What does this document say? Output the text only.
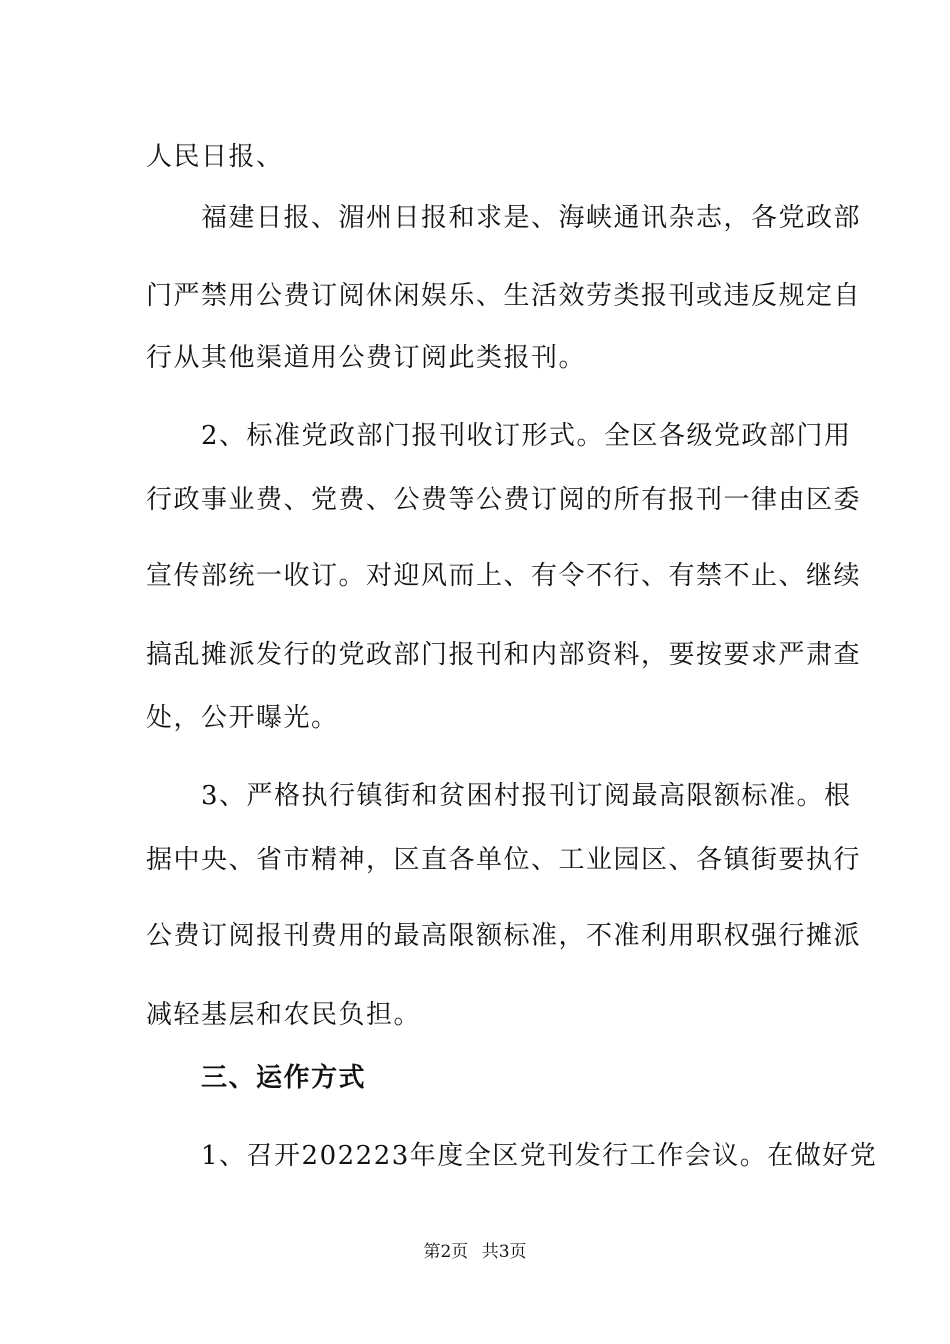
人民日报、
　　福建日报、湄州日报和求是、海峡通讯杂志，各党政部
门严禁用公费订阅休闲娱乐、生活效劳类报刊或违反规定自
行从其他渠道用公费订阅此类报刊。
　　2、标准党政部门报刊收订形式。全区各级党政部门用
行政事业费、党费、公费等公费订阅的所有报刊一律由区委
宣传部统一收订。对迎风而上、有令不行、有禁不止、继续
搞乱摊派发行的党政部门报刊和内部资料，要按要求严肃查
处，公开曝光。
　　3、严格执行镇街和贫困村报刊订阅最高限额标准。根
据中央、省市精神，区直各单位、工业园区、各镇街要执行
公费订阅报刊费用的最高限额标准，不准利用职权强行摊派
减轻基层和农民负担。
　　三、运作方式
　　1、召开202223年度全区党刊发行工作会议。在做好党
第2页 共3页
